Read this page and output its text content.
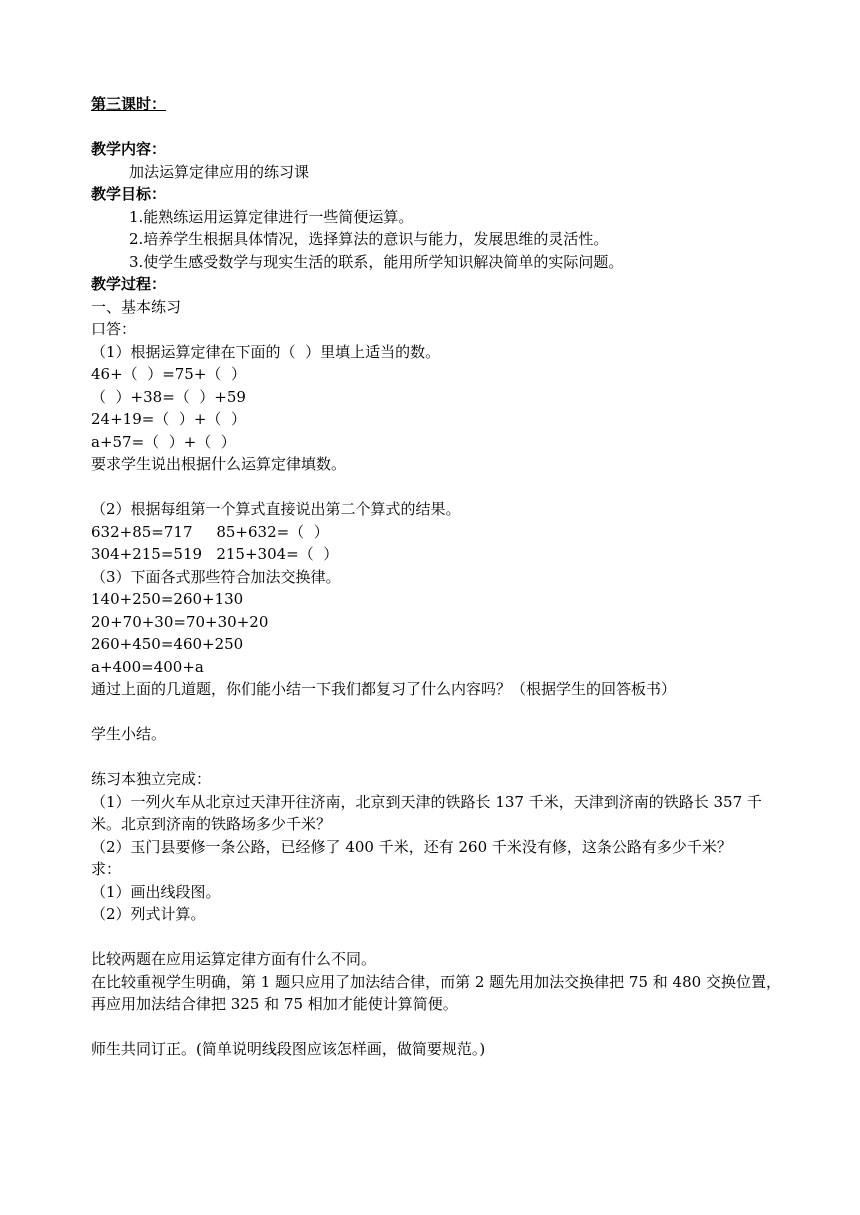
第三课时：
教学内容：
加法运算定律应用的练习课
教学目标：
1.能熟练运用运算定律进行一些简便运算。
2.培养学生根据具体情况，选择算法的意识与能力，发展思维的灵活性。
3.使学生感受数学与现实生活的联系，能用所学知识解决简单的实际问题。
教学过程：
一、基本练习
口答：
（1）根据运算定律在下面的（  ）里填上适当的数。
46+（  ）=75+（  ）
（  ）+38=（  ）+59
24+19=（  ）+（  ）
a+57=（  ）+（  ）
要求学生说出根据什么运算定律填数。
（2）根据每组第一个算式直接说出第二个算式的结果。
632+85=717     85+632=（  ）
304+215=519   215+304=（  ）
（3）下面各式那些符合加法交换律。
140+250=260+130
20+70+30=70+30+20
260+450=460+250
a+400=400+a
通过上面的几道题，你们能小结一下我们都复习了什么内容吗？（根据学生的回答板书）
学生小结。
练习本独立完成：
（1）一列火车从北京过天津开往济南，北京到天津的铁路长 137 千米，天津到济南的铁路长 357 千米。北京到济南的铁路场多少千米？
（2）玉门县要修一条公路，已经修了 400 千米，还有 260 千米没有修，这条公路有多少千米？
求：
（1）画出线段图。
（2）列式计算。
比较两题在应用运算定律方面有什么不同。
在比较重视学生明确，第 1 题只应用了加法结合律，而第 2 题先用加法交换律把 75 和 480 交换位置，再应用加法结合律把 325 和 75 相加才能使计算简便。
师生共同订正。(简单说明线段图应该怎样画，做简要规范。)
